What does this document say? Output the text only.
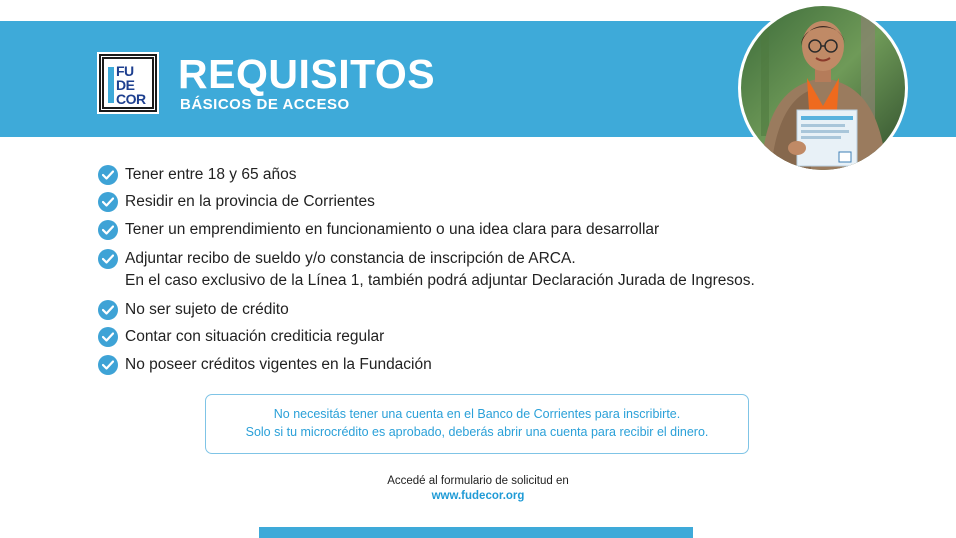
FU
DE
COR
REQUISITOS
BÁSICOS DE ACCESO
Tener entre 18 y 65 años
Residir en la provincia de Corrientes
Tener un emprendimiento en funcionamiento o una idea clara para desarrollar
Adjuntar recibo de sueldo y/o constancia de inscripción de ARCA.
En el caso exclusivo de la Línea 1, también podrá adjuntar Declaración Jurada de Ingresos.
No ser sujeto de crédito
Contar con situación crediticia regular
No poseer créditos vigentes en la Fundación
No necesitás tener una cuenta en el Banco de Corrientes para inscribirte.
Solo si tu microcrédito es aprobado, deberás abrir una cuenta para recibir el dinero.
Accedé al formulario de solicitud en
www.fudecor.org
